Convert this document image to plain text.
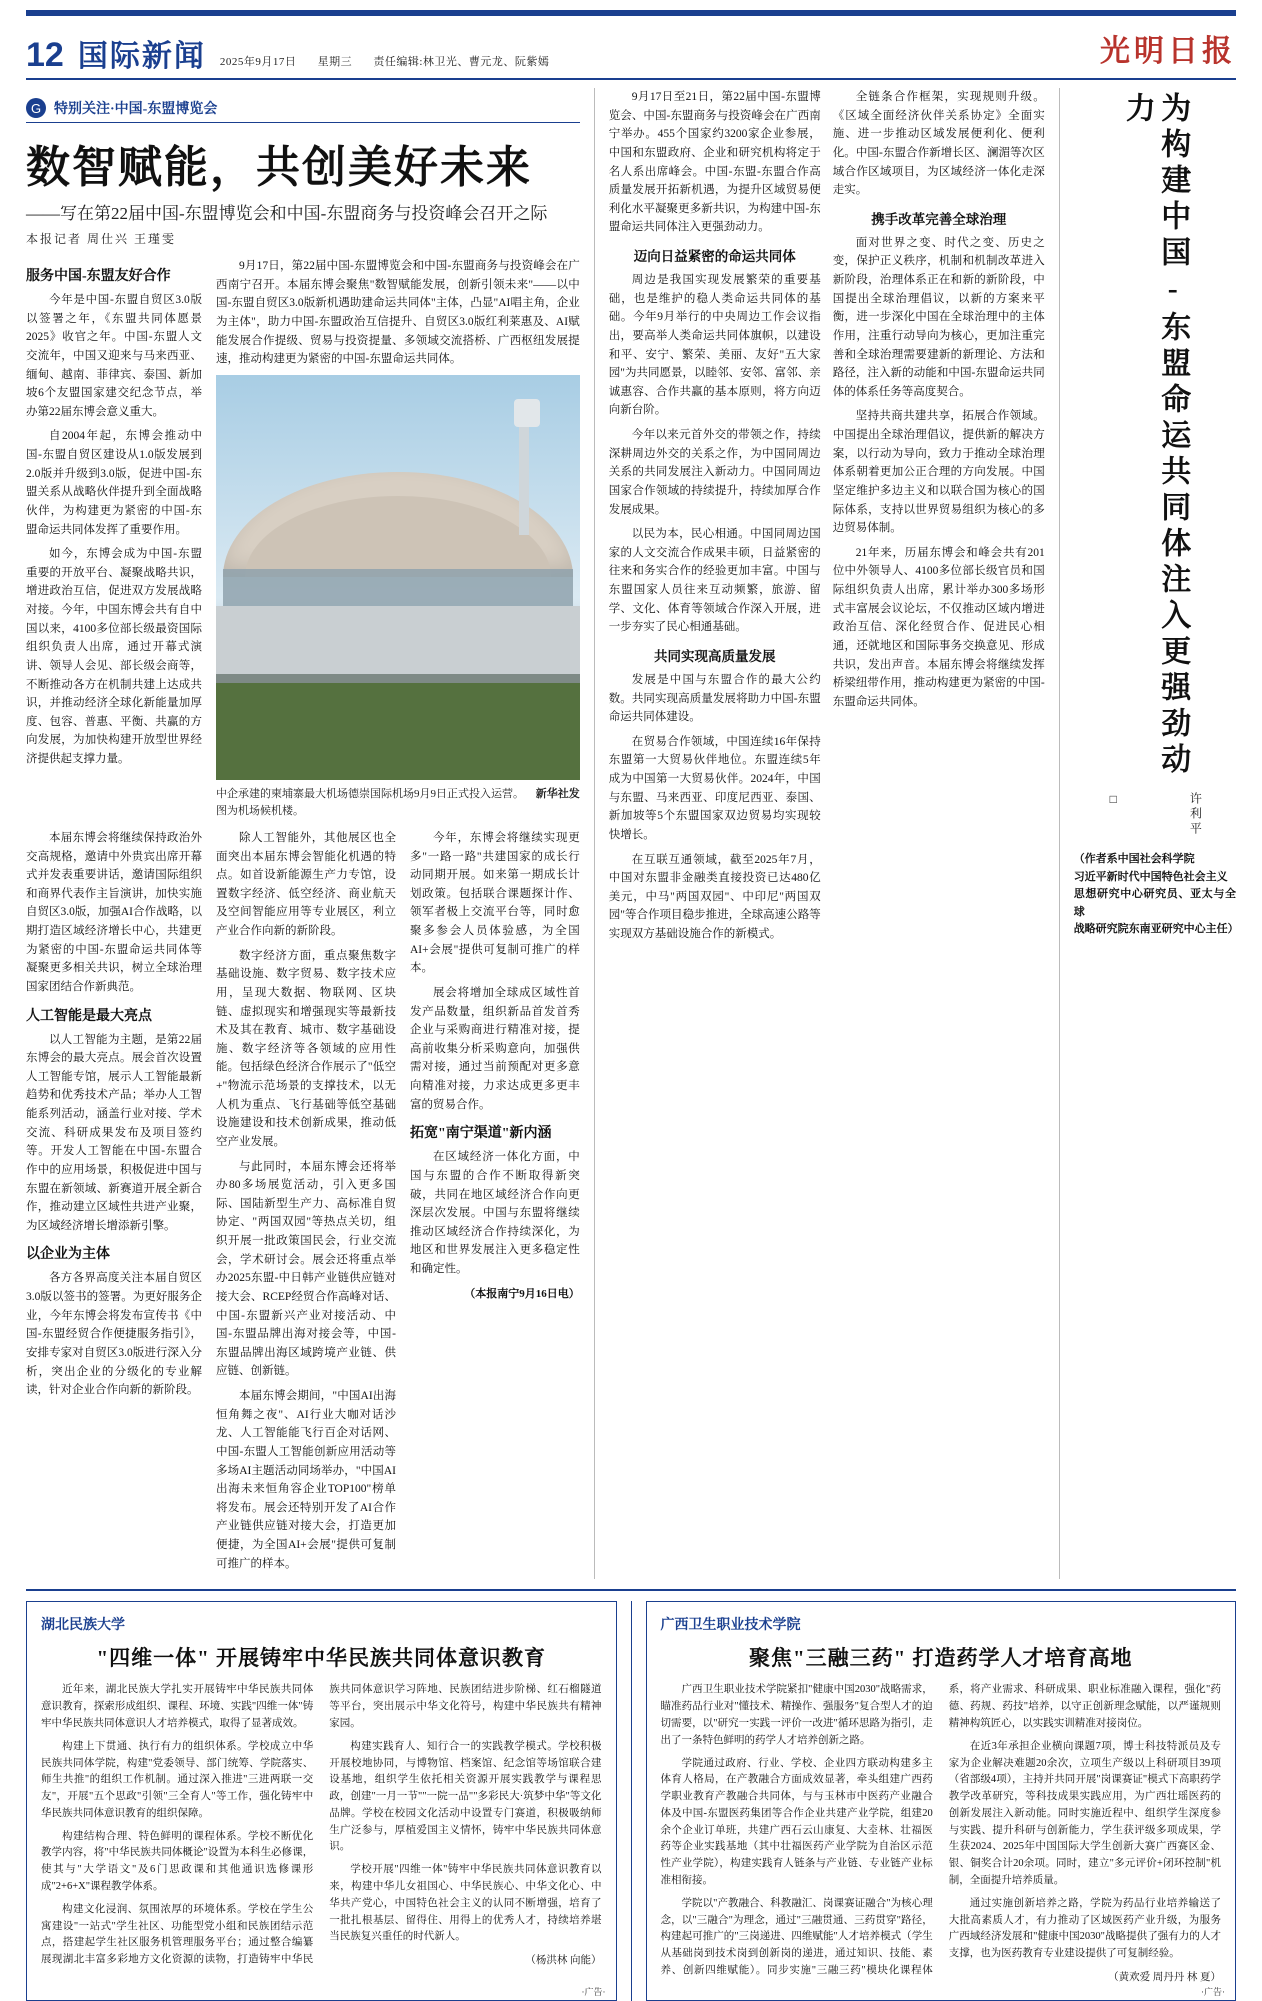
12 国际新闻 2025年9月17日 星期三 责任编辑:林卫光、曹元龙、阮紫嫣	光明日报
G 特别关注·中国-东盟博览会
数智赋能，共创美好未来
——写在第22届中国-东盟博览会和中国-东盟商务与投资峰会召开之际
本报记者 周仕兴 王瑾雯
服务中国-东盟友好合作

今年是中国-东盟自贸区3.0版以签署之年，《东盟共同体愿景2025》收官之年。中国-东盟人文交流年，中国又迎来与马来西亚、缅甸、越南、菲律宾、泰国、新加坡6个友盟国家建交纪念节点，举办第22届东博会意义重大。

自2004年起，东博会推动中国-东盟自贸区建设从1.0版发展到2.0版并升级到3.0版，促进中国-东盟关系从战略伙伴提升到全面战略伙伴，为构建更为紧密的中国-东盟命运共同体发挥了重要作用。

如今，东博会成为中国-东盟重要的开放平台、凝聚战略共识，增进政治互信，促进双方发展战略对接。今年，中国东博会共有自中国以来，4100多位部长级最资国际组织负责人出席，通过开幕式演讲、领导人会见、部长级会商等，不断推动各方在机制共建上达成共识，并推动经济全球化新能量加厚度、包容、普惠、平衡、共赢的方向发展，为加快构建开放型世界经济提供起支撑力量。

9月17日，第22届中国-东盟博览会和中国-东盟商务与投资峰会在广西南宁召开。本届东博会聚焦"数智赋能发展，创新引领未来"——以中国-东盟自贸区3.0版新机遇助建命运共同体"主体，凸显"AI唱主角，企业为主体"，助力中国-东盟政治互信提升、自贸区3.0版红利莱惠及、AI赋能发展合作提级、贸易与投资提量、多领域交流搭桥、广西枢纽发展提速，推动构建更为紧密的中国-东盟命运共同体。

中企承建的柬埔寨最大机场德崇国际机场9月9日正式投入运营。图为机场候机楼。
新华社发

本届东博会将继续保持政治外交高规格，邀请中外贵宾出席开幕式并发表重要讲话，邀请国际组织和商界代表作主旨演讲，加快实施自贸区3.0版，加强AI合作战略，以期打造区域经济增长中心，共建更为紧密的中国-东盟命运共同体等凝聚更多相关共识，树立全球治理国家团结合作新典范。

人工智能是最大亮点

以人工智能为主题，是第22届东博会的最大亮点。展会首次设置人工智能专馆，展示人工智能最新趋势和优秀技术产品；举办人工智能系列活动，涵盖行业对接、学术交流、科研成果发布及项目签约等。开发人工智能在中国-东盟合作中的应用场景，积极促进中国与东盟在新领域、新赛道开展全新合作，推动建立区域性共进产业聚，为区域经济增长增添新引擎。

以企业为主体

各方各界高度关注本届自贸区3.0版以签书的签署。为更好服务企业，今年东博会将发布宣传书《中国-东盟经贸合作便捷服务指引》，安排专家对自贸区3.0版进行深入分析，突出企业的分级化的专业解读，针对企业合作向新的新阶段。

除人工智能外，其他展区也全面突出本届东博会智能化机遇的特点。如首设新能源生产力专馆，设置数字经济、低空经济、商业航天及空间智能应用等专业展区，利立产业合作向新的新阶段。

数字经济方面，重点聚焦数字基础设施、数字贸易、数字技术应用，呈现大数据、物联网、区块链、虚拟现实和增强现实等最新技术及其在教育、城市、数字基础设施、数字经济等各领域的应用性能。包括绿色经济合作展示了"低空+"物流示范场景的支撑技术，以无人机为重点、飞行基础等低空基础设施建设和技术创新成果，推动低空产业发展。

与此同时，本届东博会还将举办80多场展览活动，引入更多国际、国陆新型生产力、高标准自贸协定、"两国双园"等热点关切，组织开展一批政策国民会，行业交流会，学术研讨会。展会还将重点举办2025东盟-中日韩产业链供应链对接大会、RCEP经贸合作高峰对话、中国-东盟新兴产业对接活动、中国-东盟品牌出海对接会等，中国-东盟品牌出海区域跨境产业链、供应链、创新链。

本届东博会期间，"中国AI出海恒角舞之夜"、AI行业大咖对话沙龙、人工智能能飞行百企对话网、中国-东盟人工智能创新应用活动等多场AI主题活动同场举办，"中国AI出海未来恒角容企业TOP100"榜单将发布。展会还特别开发了AI合作产业链供应链对接大会，打造更加便捷，为全国AI+会展"提供可复制可推广的样本。

今年，东博会将继续实现更多"一路一路"共建国家的成长行动同期开展。如来第一期成长计划政策。包括联合课题探计作、领军者极上交流平台等，同时愈聚多参会人员体验感，为全国AI+会展"提供可复制可推广的样本。

展会将增加全球成区域性首发产品数量，组织新品首发首秀企业与采购商进行精准对接，提高前收集分析采购意向，加强供需对接，通过当前预配对更多意向精准对接，力求达成更多更丰富的贸易合作。

拓宽"南宁渠道"新内涵

在区域经济一体化方面，中国与东盟的合作不断取得新突破，共同在地区域经济合作向更深层次发展。中国与东盟将继续推动区域经济合作持续深化，为地区和世界发展注入更多稳定性和确定性。

（本报南宁9月16日电）

9月17日至21日，第22届中国-东盟博览会、中国-东盟商务与投资峰会在广西南宁举办。455个国家约3200家企业参展，中国和东盟政府、企业和研究机构将定于名人系出席峰会。中国-东盟-东盟合作高质量发展开拓新机遇，为提升区域贸易便利化水平凝聚更多新共识，为构建中国-东盟命运共同体注入更强劲动力。

迈向日益紧密的命运共同体

周边是我国实现发展繁荣的重要基础，也是维护的稳人类命运共同体的基础。今年9月举行的中央周边工作会议指出，要高举人类命运共同体旗帜，以建设和平、安宁、繁荣、美丽、友好"五大家园"为共同愿景，以睦邻、安邻、富邻、亲诚惠容、合作共赢的基本原则，将方向迈向新台阶。

今年以来元首外交的带领之作，持续深耕周边外交的关系之作，为中国同周边关系的共同发展注入新动力。中国同周边国家合作领域的持续提升，持续加厚合作发展成果。

以民为本，民心相通。中国同周边国家的人文交流合作成果丰硕，日益紧密的往来和务实合作的经验更加丰富。中国与东盟国家人员往来互动频繁，旅游、留学、文化、体育等领域合作深入开展，进一步夯实了民心相通基础。

共同实现高质量发展

发展是中国与东盟合作的最大公约数。共同实现高质量发展将助力中国-东盟命运共同体建设。

在贸易合作领域，中国连续16年保持东盟第一大贸易伙伴地位。东盟连续5年成为中国第一大贸易伙伴。2024年，中国与东盟、马来西亚、印度尼西亚、泰国、新加坡等5个东盟国家双边贸易均实现较快增长。

在互联互通领域，截至2025年7月，中国对东盟非金融类直接投资已达480亿美元，中马"两国双园"、中印尼"两国双园"等合作项目稳步推进，全球高速公路等实现双方基础设施合作的新模式。

全链条合作框架，实现规则升级。《区域全面经济伙伴关系协定》全面实施、进一步推动区域发展便利化、便利化。中国-东盟合作新增长区、澜湄等次区域合作区域项目，为区域经济一体化走深走实。

携手改革完善全球治理

面对世界之变、时代之变、历史之变，保护正义秩序，机制和机制改革进入新阶段，治理体系正在和新的新阶段，中国提出全球治理倡议，以新的方案来平衡，进一步深化中国在全球治理中的主体作用，注重行动导向为核心，更加注重完善和全球治理需要建新的新理论、方法和路径，注入新的动能和中国-东盟命运共同体的体系任务等高度契合。

坚持共商共建共享，拓展合作领域。中国提出全球治理倡议，提供新的解决方案，以行动为导向，致力于推动全球治理体系朝着更加公正合理的方向发展。中国坚定维护多边主义和以联合国为核心的国际体系，支持以世界贸易组织为核心的多边贸易体制。

21年来，历届东博会和峰会共有201位中外领导人、4100多位部长级官员和国际组织负责人出席，累计举办300多场形式丰富展会议论坛，不仅推动区域内增进政治互信、深化经贸合作、促进民心相通，还就地区和国际事务交换意见、形成共识，发出声音。本届东博会将继续发挥桥梁纽带作用，推动构建更为紧密的中国-东盟命运共同体。	为构建中国-东盟命运共同体注入更强劲动力
□	许利平
（作者系中国社会科学院
习近平新时代中国特色社会主义
思想研究中心研究员、亚太与全球
战略研究院东南亚研究中心主任）
湖北民族大学
"四维一体" 开展铸牢中华民族共同体意识教育

近年来，湖北民族大学扎实开展铸牢中华民族共同体意识教育，探索形成组织、课程、环境、实践"四维一体"铸牢中华民族共同体意识人才培养模式，取得了显著成效。

构建上下贯通、执行有力的组织体系。学校成立中华民族共同体学院，构建"党委领导、部门统筹、学院落实、师生共推"的组织工作机制。通过深入推进"三进两联一交友"，开展"五个思政"引领"三全育人"等工作，强化铸牢中华民族共同体意识教育的组织保障。

构建结构合理、特色鲜明的课程体系。学校不断优化教学内容，将"中华民族共同体概论"设置为本科生必修课，使其与"大学语文"及6门思政课和其他通识选修课形成"2+6+X"课程教学体系。

构建文化浸润、氛围浓厚的环境体系。学校在学生公寓建设"一站式"学生社区、功能型党小组和民族团结示范点，搭建起学生社区服务机管理服务平台；通过整合编纂展现湖北丰富多彩地方文化资源的读物，打造铸牢中华民族共同体意识学习阵地、民族团结进步阶梯、红石榴隧道等平台，突出展示中华文化符号，构建中华民族共有精神家园。

构建实践育人、知行合一的实践教学模式。学校积极开展校地协同，与博物馆、档案馆、纪念馆等场馆联合建设基地，组织学生依托相关资源开展实践教学与课程思政，创建"一月一节""一院一品""多彩民大·筑梦中华"等文化品牌。学校在校园文化活动中设置专门赛道，积极吸纳师生广泛参与，厚植爱国主义情怀，铸牢中华民族共同体意识。

学校开展"四维一体"铸牢中华民族共同体意识教育以来，构建中华儿女祖国心、中华民族心、中华文化心、中华共产党心，中国特色社会主义的认同不断增强，培育了一批扎根基层、留得住、用得上的优秀人才，持续培养堪当民族复兴重任的时代新人。

（杨洪林 向能）
·广告·
广西卫生职业技术学院
聚焦"三融三药" 打造药学人才培育高地

广西卫生职业技术学院紧扣"健康中国2030"战略需求，瞄准药品行业对"懂技术、精操作、强服务"复合型人才的迫切需要，以"研究一实践一评价一改进"循环思路为指引，走出了一条特色鲜明的药学人才培养创新之路。

学院通过政府、行业、学校、企业四方联动构建多主体育人格局，在产教融合方面成效显著，牵头组建广西药学职业教育产教融合共同体，与与玉林市中医药产业融合体及中国-东盟医药集团等合作企业共建产业学院，组建20余个企业订单班，共建广西石云山康复、大坴林、壮福医药等企业实践基地（其中壮福医药产业学院为自治区示范性产业学院），构建实践育人链条与产业链、专业链产业标准相衔接。

学院以"产教融合、科教融汇、岗课赛证融合"为核心理念，以"三融合"为理念，通过"三融贯通、三药贯穿"路径，构建起可推广的"三岗递进、四维赋能"人才培养模式（学生从基础岗到技术岗到创新岗的递进，通过知识、技能、素养、创新四维赋能）。同步实施"三融三药"模块化课程体系，将产业需求、科研成果、职业标准融入课程，强化"药德、药规、药技"培养，以守正创新理念赋能，以严谨规则精神构筑匠心，以实践实训精准对接岗位。

在近3年承担企业横向课题7项，博士科技特派员及专家为企业解决难题20余次，立项生产级以上科研项目39项（省部级4项），主持并共同开展"岗课赛证"模式下高职药学教学改革研究，等科技成果实践应用，为广西壮瑶医药的创新发展注入新动能。同时实施近程中、组织学生深度参与实践、提升科研与创新能力，学生获评级多项成果，学生获2024、2025年中国国际大学生创新大赛广西赛区金、银、铜奖合计20余项。同时，建立"多元评价+闭环控制"机制，全面提升培养质量。

通过实施创新培养之路，学院为药品行业培养输送了大批高素质人才，有力推动了区域医药产业升级，为服务广西域经济发展和"健康中国2030"战略提供了强有力的人才支撑，也为医药教育专业建设提供了可复制经验。

（黄欢爱 周丹丹 林 夏）
·广告·
